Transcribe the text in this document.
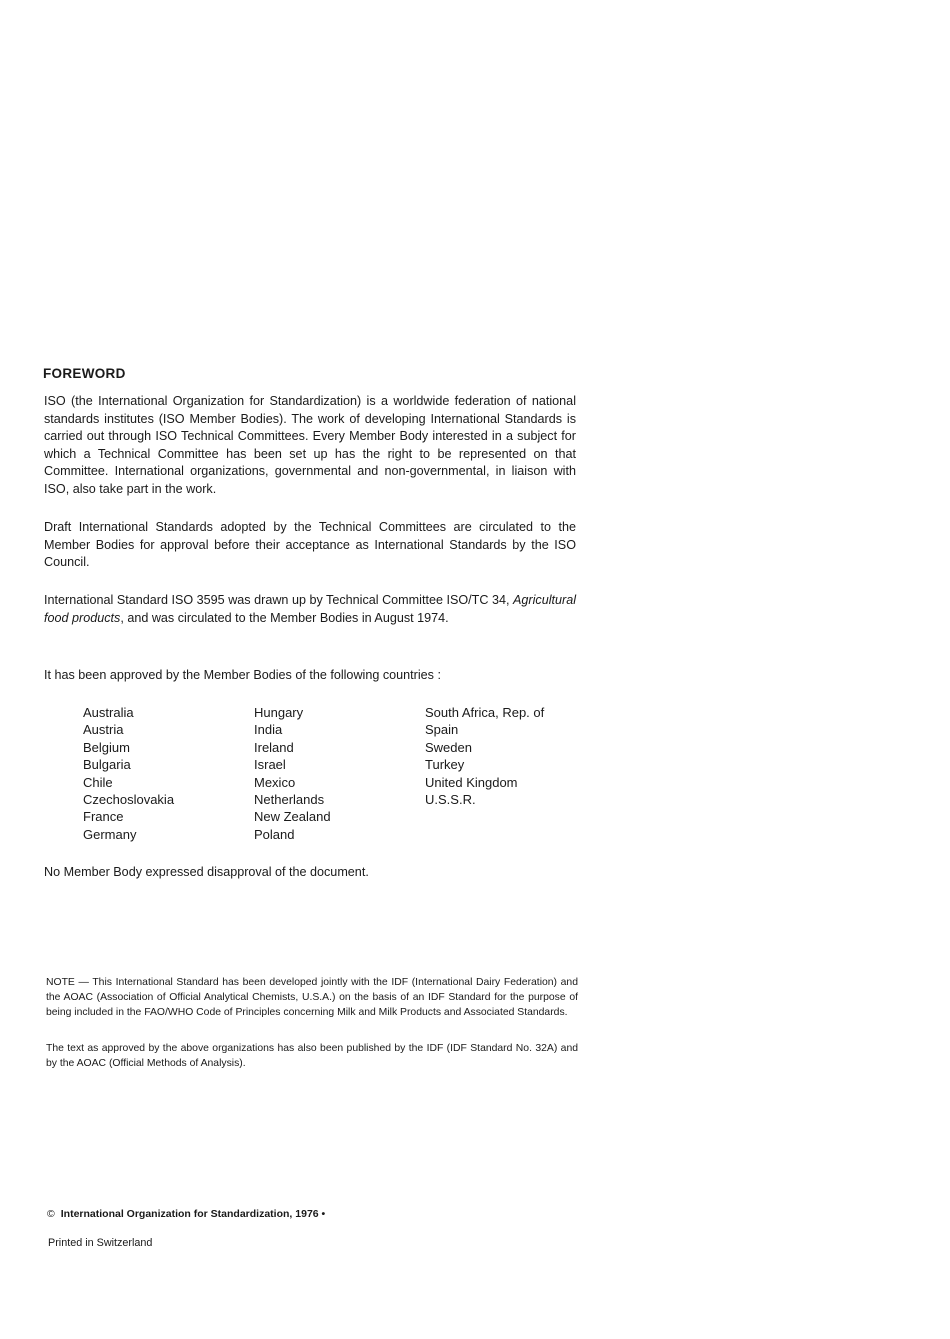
FOREWORD

ISO (the International Organization for Standardization) is a worldwide federation of national standards institutes (ISO Member Bodies). The work of developing International Standards is carried out through ISO Technical Committees. Every Member Body interested in a subject for which a Technical Committee has been set up has the right to be represented on that Committee. International organizations, governmental and non-governmental, in liaison with ISO, also take part in the work.

Draft International Standards adopted by the Technical Committees are circulated to the Member Bodies for approval before their acceptance as International Standards by the ISO Council.

International Standard ISO 3595 was drawn up by Technical Committee ISO/TC 34, Agricultural food products, and was circulated to the Member Bodies in August 1974.

It has been approved by the Member Bodies of the following countries :

Australia
Austria
Belgium
Bulgaria
Chile
Czechoslovakia
France
Germany
Hungary
India
Ireland
Israel
Mexico
Netherlands
New Zealand
Poland
South Africa, Rep. of
Spain
Sweden
Turkey
United Kingdom
U.S.S.R.

No Member Body expressed disapproval of the document.

NOTE — This International Standard has been developed jointly with the IDF (International Dairy Federation) and the AOAC (Association of Official Analytical Chemists, U.S.A.) on the basis of an IDF Standard for the purpose of being included in the FAO/WHO Code of Principles concerning Milk and Milk Products and Associated Standards.

The text as approved by the above organizations has also been published by the IDF (IDF Standard No. 32A) and by the AOAC (Official Methods of Analysis).

© International Organization for Standardization, 1976 •
Printed in Switzerland
